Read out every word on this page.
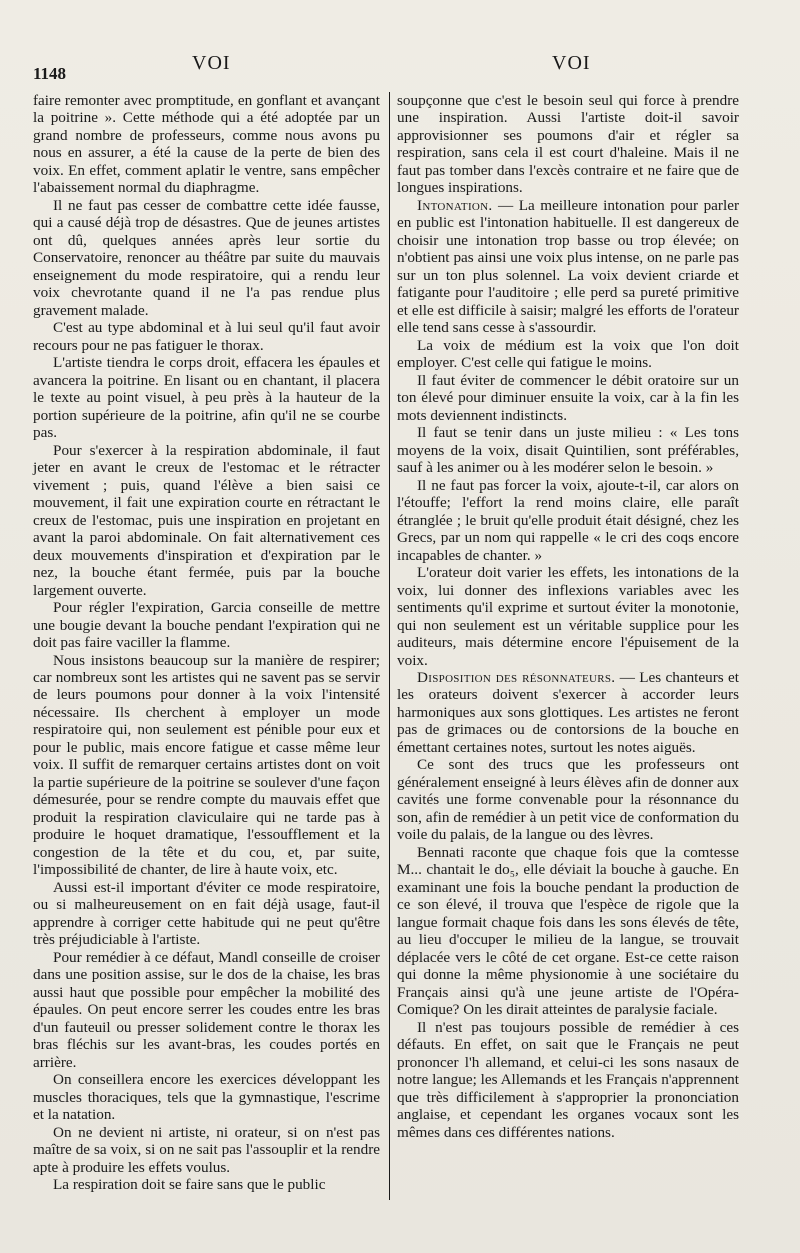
1148	VOI	VOI

faire remonter avec promptitude, en gonflant et avançant la poitrine ». Cette méthode qui a été adoptée par un grand nombre de professeurs, comme nous avons pu nous en assurer, a été la cause de la perte de bien des voix. En effet, comment aplatir le ventre, sans empêcher l'abaissement normal du diaphragme.

Il ne faut pas cesser de combattre cette idée fausse, qui a causé déjà trop de désastres. Que de jeunes artistes ont dû, quelques années après leur sortie du Conservatoire, renoncer au théâtre par suite du mauvais enseignement du mode respiratoire, qui a rendu leur voix chevrotante quand il ne l'a pas rendue plus gravement malade.

C'est au type abdominal et à lui seul qu'il faut avoir recours pour ne pas fatiguer le thorax.

L'artiste tiendra le corps droit, effacera les épaules et avancera la poitrine. En lisant ou en chantant, il placera le texte au point visuel, à peu près à la hauteur de la portion supérieure de la poitrine, afin qu'il ne se courbe pas.

Pour s'exercer à la respiration abdominale, il faut jeter en avant le creux de l'estomac et le rétracter vivement ; puis, quand l'élève a bien saisi ce mouvement, il fait une expiration courte en rétractant le creux de l'estomac, puis une inspiration en projetant en avant la paroi abdominale. On fait alternativement ces deux mouvements d'inspiration et d'expiration par le nez, la bouche étant fermée, puis par la bouche largement ouverte.

Pour régler l'expiration, Garcia conseille de mettre une bougie devant la bouche pendant l'expiration qui ne doit pas faire vaciller la flamme.

Nous insistons beaucoup sur la manière de respirer; car nombreux sont les artistes qui ne savent pas se servir de leurs poumons pour donner à la voix l'intensité nécessaire. Ils cherchent à employer un mode respiratoire qui, non seulement est pénible pour eux et pour le public, mais encore fatigue et casse même leur voix. Il suffit de remarquer certains artistes dont on voit la partie supérieure de la poitrine se soulever d'une façon démesurée, pour se rendre compte du mauvais effet que produit la respiration claviculaire qui ne tarde pas à produire le hoquet dramatique, l'essoufflement et la congestion de la tête et du cou, et, par suite, l'impossibilité de chanter, de lire à haute voix, etc.

Aussi est-il important d'éviter ce mode respiratoire, ou si malheureusement on en fait déjà usage, faut-il apprendre à corriger cette habitude qui ne peut qu'être très préjudiciable à l'artiste.

Pour remédier à ce défaut, Mandl conseille de croiser dans une position assise, sur le dos de la chaise, les bras aussi haut que possible pour empêcher la mobilité des épaules. On peut encore serrer les coudes entre les bras d'un fauteuil ou presser solidement contre le thorax les bras fléchis sur les avant-bras, les coudes portés en arrière.

On conseillera encore les exercices développant les muscles thoraciques, tels que la gymnastique, l'escrime et la natation.

On ne devient ni artiste, ni orateur, si on n'est pas maître de sa voix, si on ne sait pas l'assouplir et la rendre apte à produire les effets voulus.

La respiration doit se faire sans que le public

soupçonne que c'est le besoin seul qui force à prendre une inspiration. Aussi l'artiste doit-il savoir approvisionner ses poumons d'air et régler sa respiration, sans cela il est court d'haleine. Mais il ne faut pas tomber dans l'excès contraire et ne faire que de longues inspirations.

Intonation. — La meilleure intonation pour parler en public est l'intonation habituelle. Il est dangereux de choisir une intonation trop basse ou trop élevée; on n'obtient pas ainsi une voix plus intense, on ne parle pas sur un ton plus solennel. La voix devient criarde et fatigante pour l'auditoire ; elle perd sa pureté primitive et elle est difficile à saisir; malgré les efforts de l'orateur elle tend sans cesse à s'assourdir.

La voix de médium est la voix que l'on doit employer. C'est celle qui fatigue le moins.

Il faut éviter de commencer le débit oratoire sur un ton élevé pour diminuer ensuite la voix, car à la fin les mots deviennent indistincts.

Il faut se tenir dans un juste milieu : « Les tons moyens de la voix, disait Quintilien, sont préférables, sauf à les animer ou à les modérer selon le besoin. »

Il ne faut pas forcer la voix, ajoute-t-il, car alors on l'étouffe; l'effort la rend moins claire, elle paraît étranglée ; le bruit qu'elle produit était désigné, chez les Grecs, par un nom qui rappelle « le cri des coqs encore incapables de chanter. »

L'orateur doit varier les effets, les intonations de la voix, lui donner des inflexions variables avec les sentiments qu'il exprime et surtout éviter la monotonie, qui non seulement est un véritable supplice pour les auditeurs, mais détermine encore l'épuisement de la voix.

Disposition des résonnateurs. — Les chanteurs et les orateurs doivent s'exercer à accorder leurs harmoniques aux sons glottiques. Les artistes ne feront pas de grimaces ou de contorsions de la bouche en émettant certaines notes, surtout les notes aiguës.

Ce sont des trucs que les professeurs ont généralement enseigné à leurs élèves afin de donner aux cavités une forme convenable pour la résonnance du son, afin de remédier à un petit vice de conformation du voile du palais, de la langue ou des lèvres.

Bennati raconte que chaque fois que la comtesse M... chantait le do₅, elle déviait la bouche à gauche. En examinant une fois la bouche pendant la production de ce son élevé, il trouva que l'espèce de rigole que la langue formait chaque fois dans les sons élevés de tête, au lieu d'occuper le milieu de la langue, se trouvait déplacée vers le côté de cet organe. Est-ce cette raison qui donne la même physionomie à une sociétaire du Français ainsi qu'à une jeune artiste de l'Opéra-Comique? On les dirait atteintes de paralysie faciale.

Il n'est pas toujours possible de remédier à ces défauts. En effet, on sait que le Français ne peut prononcer l'h allemand, et celui-ci les sons nasaux de notre langue; les Allemands et les Français n'apprennent que très difficilement à s'approprier la prononciation anglaise, et cependant les organes vocaux sont les mêmes dans ces différentes nations.
